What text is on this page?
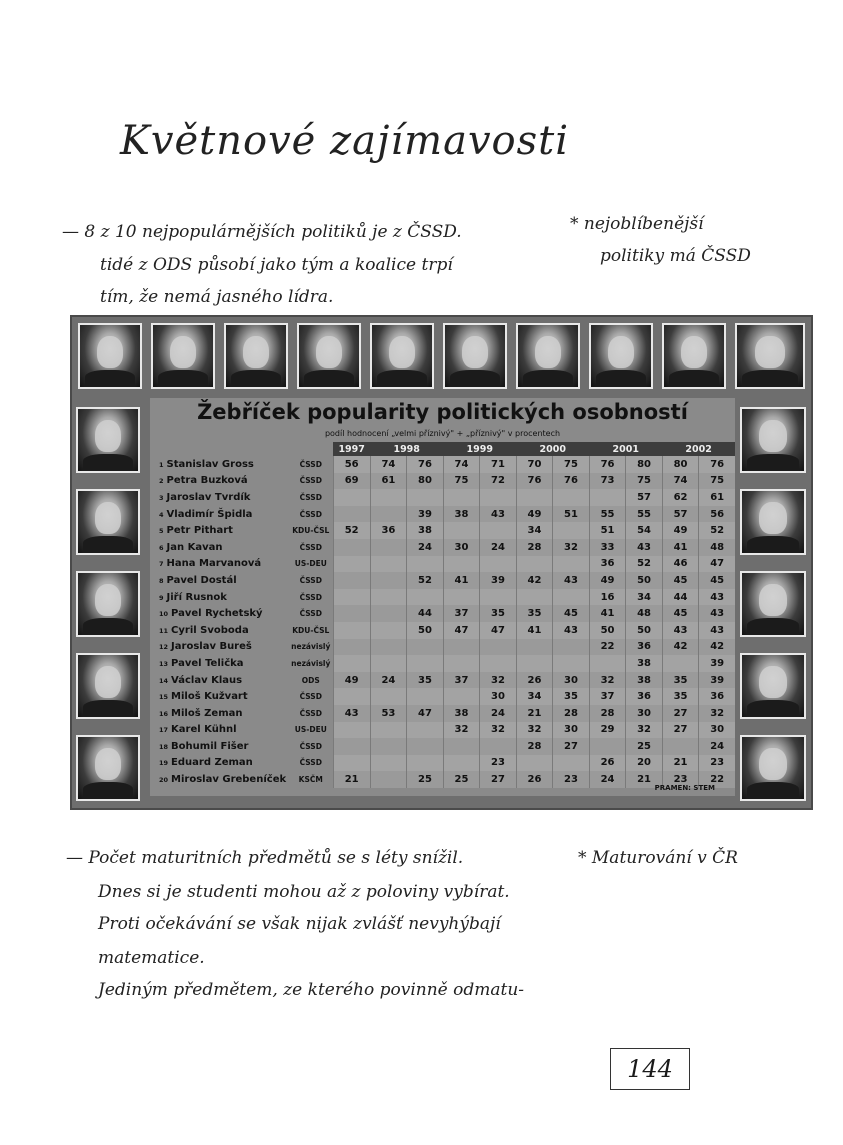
Květnové zajímavosti
— 8 z 10 nejpopulárnějších politiků je z ČSSD.
tidé z ODS působí jako tým a koalice trpí
tím, že nemá jasného lídra.
* nejoblíbenější
politiky má ČSSD
Žebříček popularity politických osobností
podíl hodnocení „velmi příznivý" + „příznivý" v procentech
		1997	1998		1999		2000		2001		2002	
1 Stanislav Gross	ČSSD	56	74	76	74	71	70	75	76	80	80	76
2 Petra Buzková	ČSSD	69	61	80	75	72	76	76	73	75	74	75
3 Jaroslav Tvrdík	ČSSD									57	62	61
4 Vladimír Špidla	ČSSD			39	38	43	49	51	55	55	57	56
5 Petr Pithart	KDU-ČSL	52	36	38			34		51	54	49	52
6 Jan Kavan	ČSSD			24	30	24	28	32	33	43	41	48
7 Hana Marvanová	US-DEU								36	52	46	47
8 Pavel Dostál	ČSSD			52	41	39	42	43	49	50	45	45
9 Jiří Rusnok	ČSSD								16	34	44	43
10 Pavel Rychetský	ČSSD			44	37	35	35	45	41	48	45	43
11 Cyril Svoboda	KDU-ČSL			50	47	47	41	43	50	50	43	43
12 Jaroslav Bureš	nezávislý								22	36	42	42
13 Pavel Telička	nezávislý									38		39
14 Václav Klaus	ODS	49	24	35	37	32	26	30	32	38	35	39
15 Miloš Kužvart	ČSSD					30	34	35	37	36	35	36
16 Miloš Zeman	ČSSD	43	53	47	38	24	21	28	28	30	27	32
17 Karel Kühnl	US-DEU				32	32	32	30	29	32	27	30
18 Bohumil Fišer	ČSSD						28	27		25		24
19 Eduard Zeman	ČSSD					23			26	20	21	23
20 Miroslav Grebeníček	KSČM	21		25	25	27	26	23	24	21	23	22
PRAMEN: STEM
— Počet maturitních předmětů se s léty snížil.	* Maturování v ČR
Dnes si je studenti mohou až z poloviny vybírat.
Proti očekávání se však nijak zvlášť nevyhýbají
matematice.
Jediným předmětem, ze kterého povinně odmatu-
144
